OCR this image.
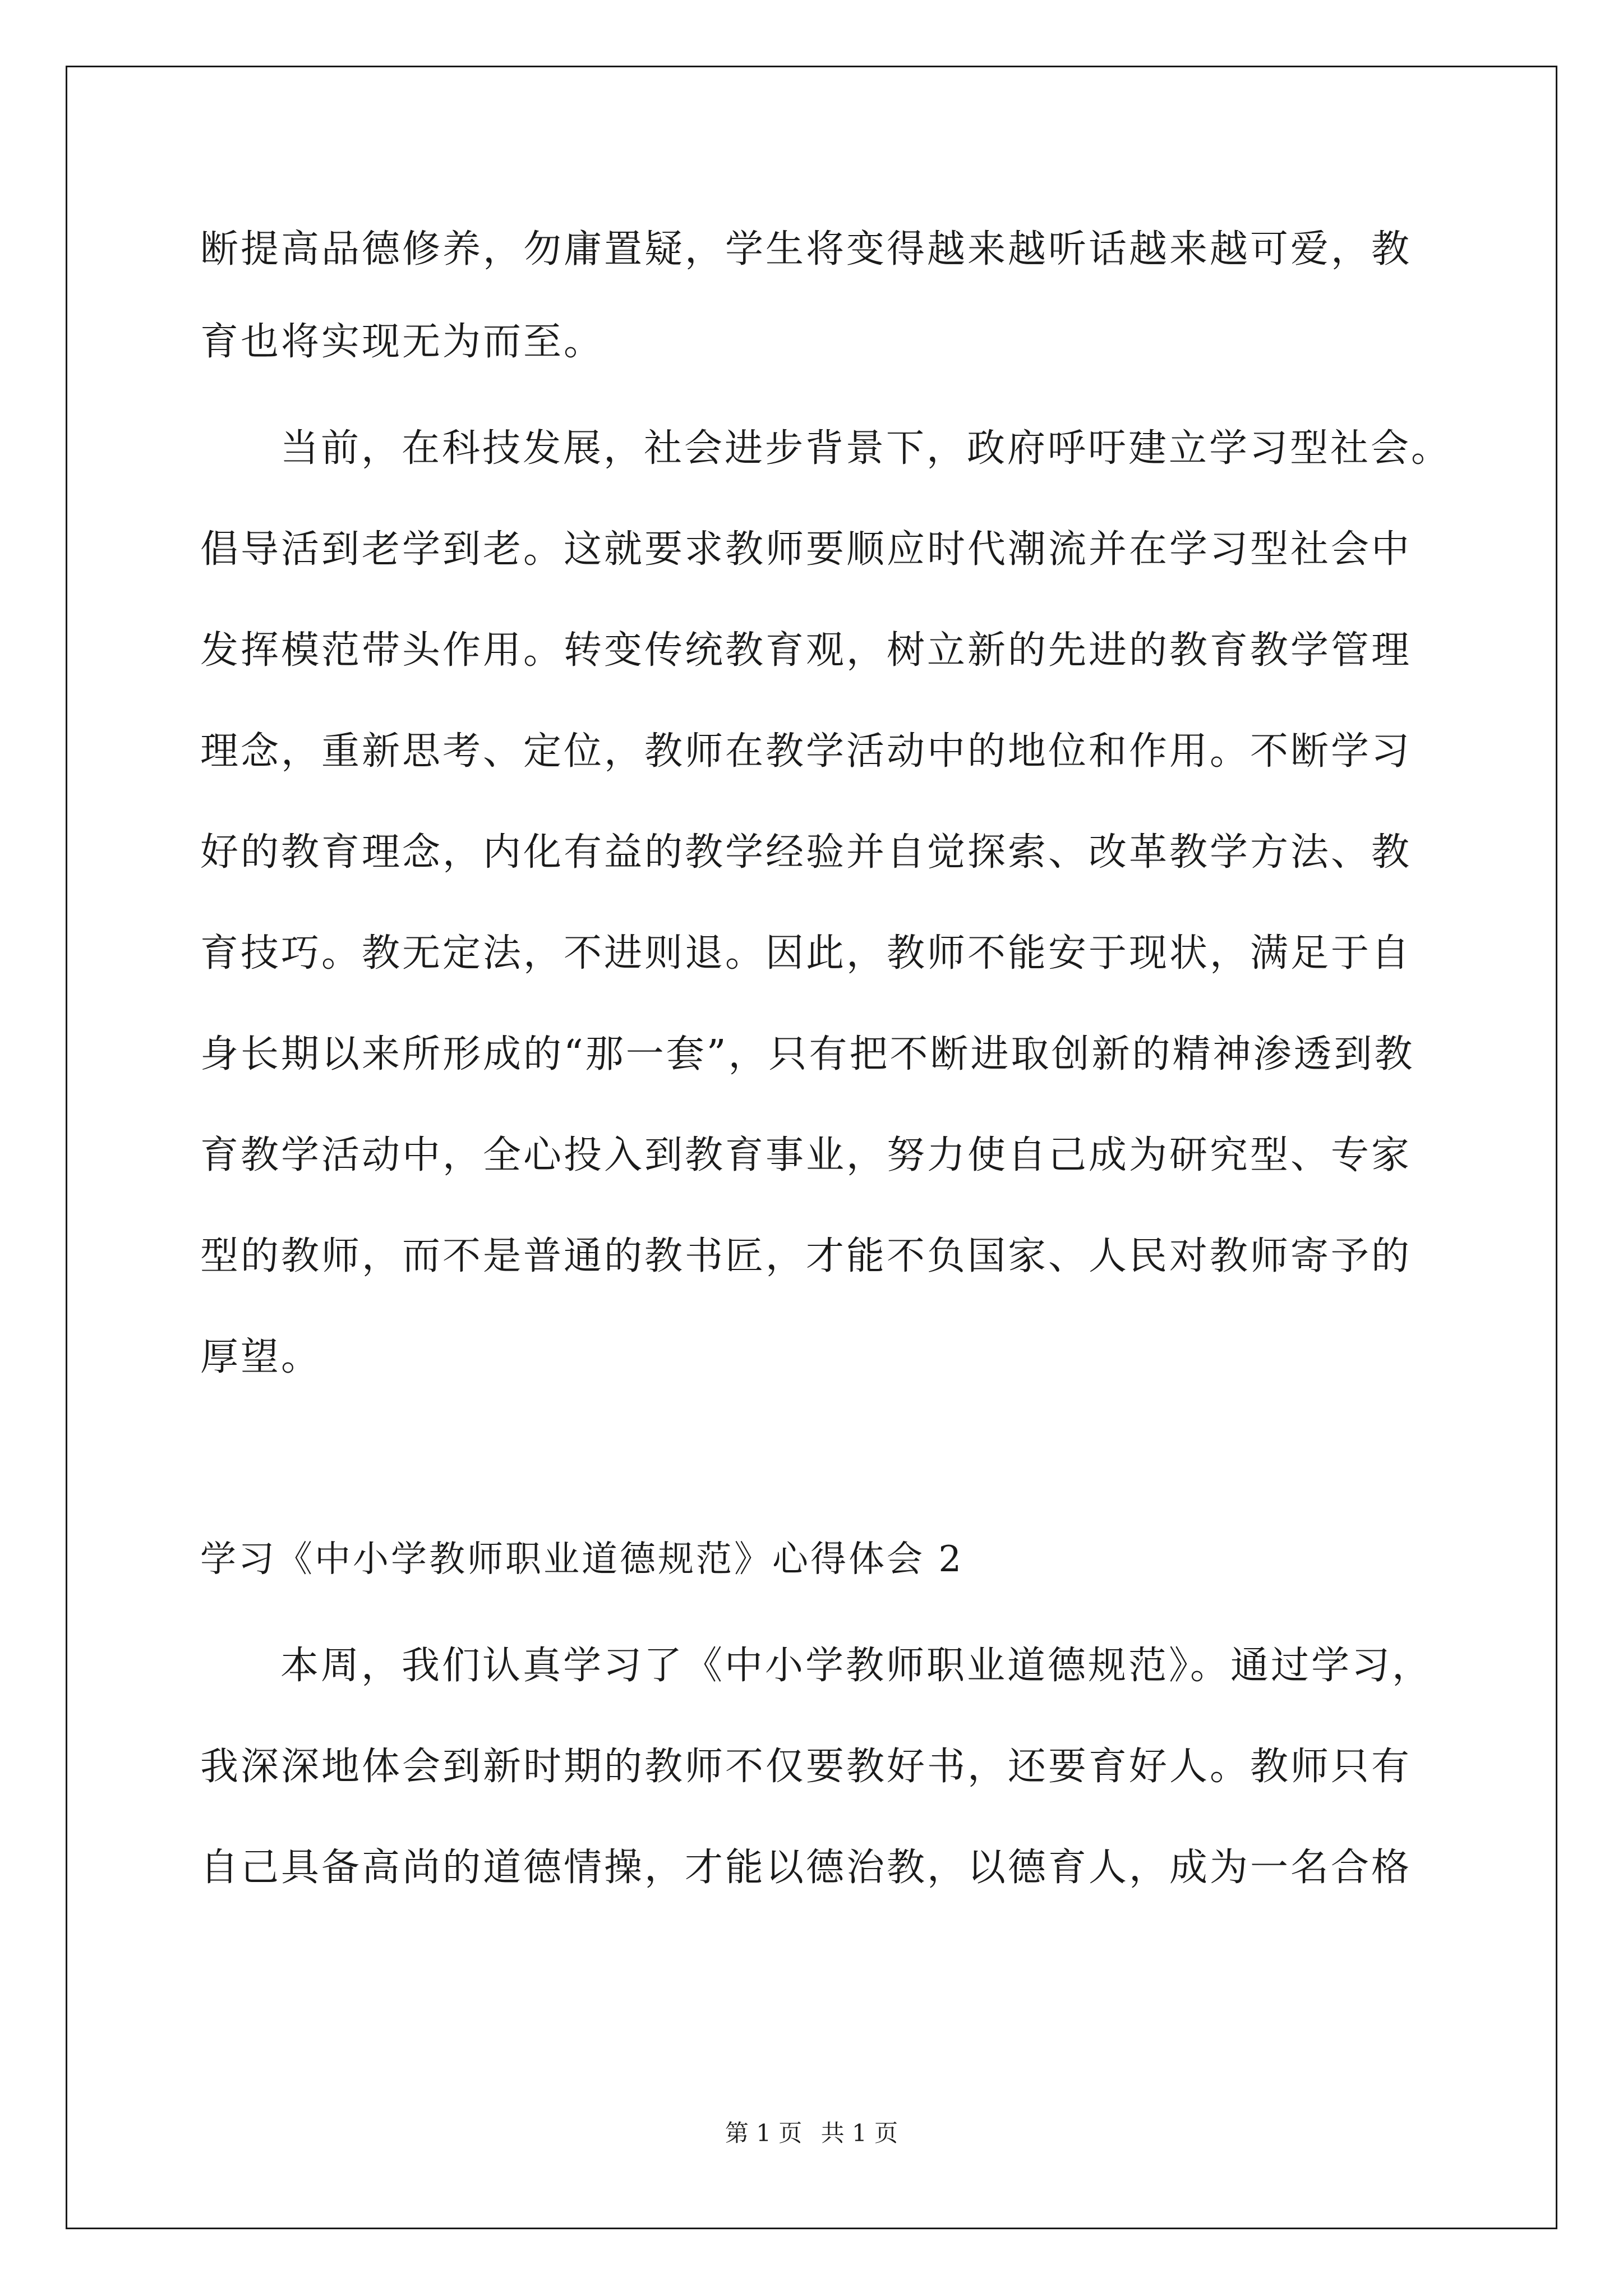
断提高品德修养，勿庸置疑，学生将变得越来越听话越来越可爱，教
育也将实现无为而至。
当前，在科技发展，社会进步背景下，政府呼吁建立学习型社会。
倡导活到老学到老。这就要求教师要顺应时代潮流并在学习型社会中
发挥模范带头作用。转变传统教育观，树立新的先进的教育教学管理
理念，重新思考、定位，教师在教学活动中的地位和作用。不断学习
好的教育理念，内化有益的教学经验并自觉探索、改革教学方法、教
育技巧。教无定法，不进则退。因此，教师不能安于现状，满足于自
身长期以来所形成的“那一套”，只有把不断进取创新的精神渗透到教
育教学活动中，全心投入到教育事业，努力使自己成为研究型、专家
型的教师，而不是普通的教书匠，才能不负国家、人民对教师寄予的
厚望。
学习《中小学教师职业道德规范》心得体会 2
本周，我们认真学习了《中小学教师职业道德规范》。通过学习，
我深深地体会到新时期的教师不仅要教好书，还要育好人。教师只有
自己具备高尚的道德情操，才能以德治教，以德育人，成为一名合格
第 1 页 共 1 页
